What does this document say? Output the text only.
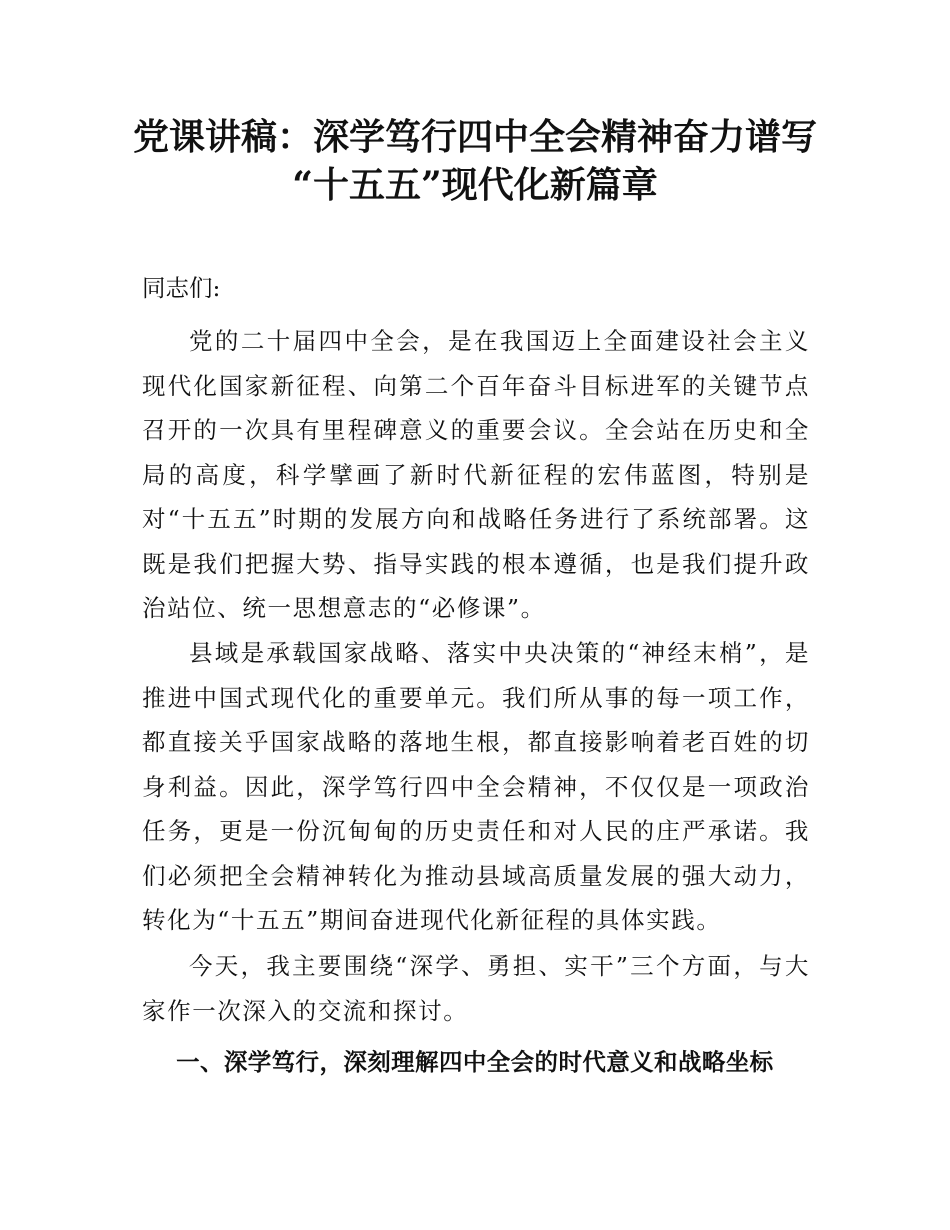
党课讲稿：深学笃行四中全会精神奋力谱写
“十五五”现代化新篇章

同志们:

党的二十届四中全会，是在我国迈上全面建设社会主义现代化国家新征程、向第二个百年奋斗目标进军的关键节点召开的一次具有里程碑意义的重要会议。全会站在历史和全局的高度，科学擘画了新时代新征程的宏伟蓝图，特别是对“十五五”时期的发展方向和战略任务进行了系统部署。这既是我们把握大势、指导实践的根本遵循，也是我们提升政治站位、统一思想意志的“必修课”。

县域是承载国家战略、落实中央决策的“神经末梢”，是推进中国式现代化的重要单元。我们所从事的每一项工作，都直接关乎国家战略的落地生根，都直接影响着老百姓的切身利益。因此，深学笃行四中全会精神，不仅仅是一项政治任务，更是一份沉甸甸的历史责任和对人民的庄严承诺。我们必须把全会精神转化为推动县域高质量发展的强大动力，转化为“十五五”期间奋进现代化新征程的具体实践。

今天，我主要围绕“深学、勇担、实干”三个方面，与大家作一次深入的交流和探讨。

一、深学笃行，深刻理解四中全会的时代意义和战略坐标
